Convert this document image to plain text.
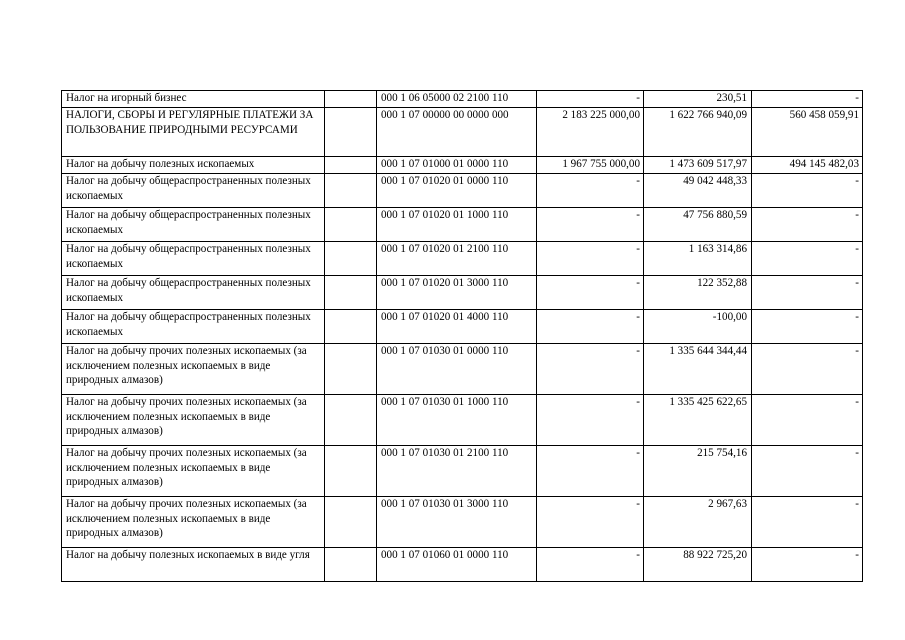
Налог на игорный бизнес		000 1 06 05000 02 2100 110	-	230,51	-
НАЛОГИ, СБОРЫ И РЕГУЛЯРНЫЕ ПЛАТЕЖИ ЗА ПОЛЬЗОВАНИЕ ПРИРОДНЫМИ РЕСУРСАМИ		000 1 07 00000 00 0000 000	2 183 225 000,00	1 622 766 940,09	560 458 059,91
Налог на добычу полезных ископаемых		000 1 07 01000 01 0000 110	1 967 755 000,00	1 473 609 517,97	494 145 482,03
Налог на добычу общераспространенных полезных ископаемых		000 1 07 01020 01 0000 110	-	49 042 448,33	-
Налог на добычу общераспространенных полезных ископаемых		000 1 07 01020 01 1000 110	-	47 756 880,59	-
Налог на добычу общераспространенных полезных ископаемых		000 1 07 01020 01 2100 110	-	1 163 314,86	-
Налог на добычу общераспространенных полезных ископаемых		000 1 07 01020 01 3000 110	-	122 352,88	-
Налог на добычу общераспространенных полезных ископаемых		000 1 07 01020 01 4000 110	-	-100,00	-
Налог на добычу прочих полезных ископаемых (за исключением полезных ископаемых в виде природных алмазов)		000 1 07 01030 01 0000 110	-	1 335 644 344,44	-
Налог на добычу прочих полезных ископаемых (за исключением полезных ископаемых в виде природных алмазов)		000 1 07 01030 01 1000 110	-	1 335 425 622,65	-
Налог на добычу прочих полезных ископаемых (за исключением полезных ископаемых в виде природных алмазов)		000 1 07 01030 01 2100 110	-	215 754,16	-
Налог на добычу прочих полезных ископаемых (за исключением полезных ископаемых в виде природных алмазов)		000 1 07 01030 01 3000 110	-	2 967,63	-
Налог на добычу полезных ископаемых в виде угля		000 1 07 01060 01 0000 110	-	88 922 725,20	-
